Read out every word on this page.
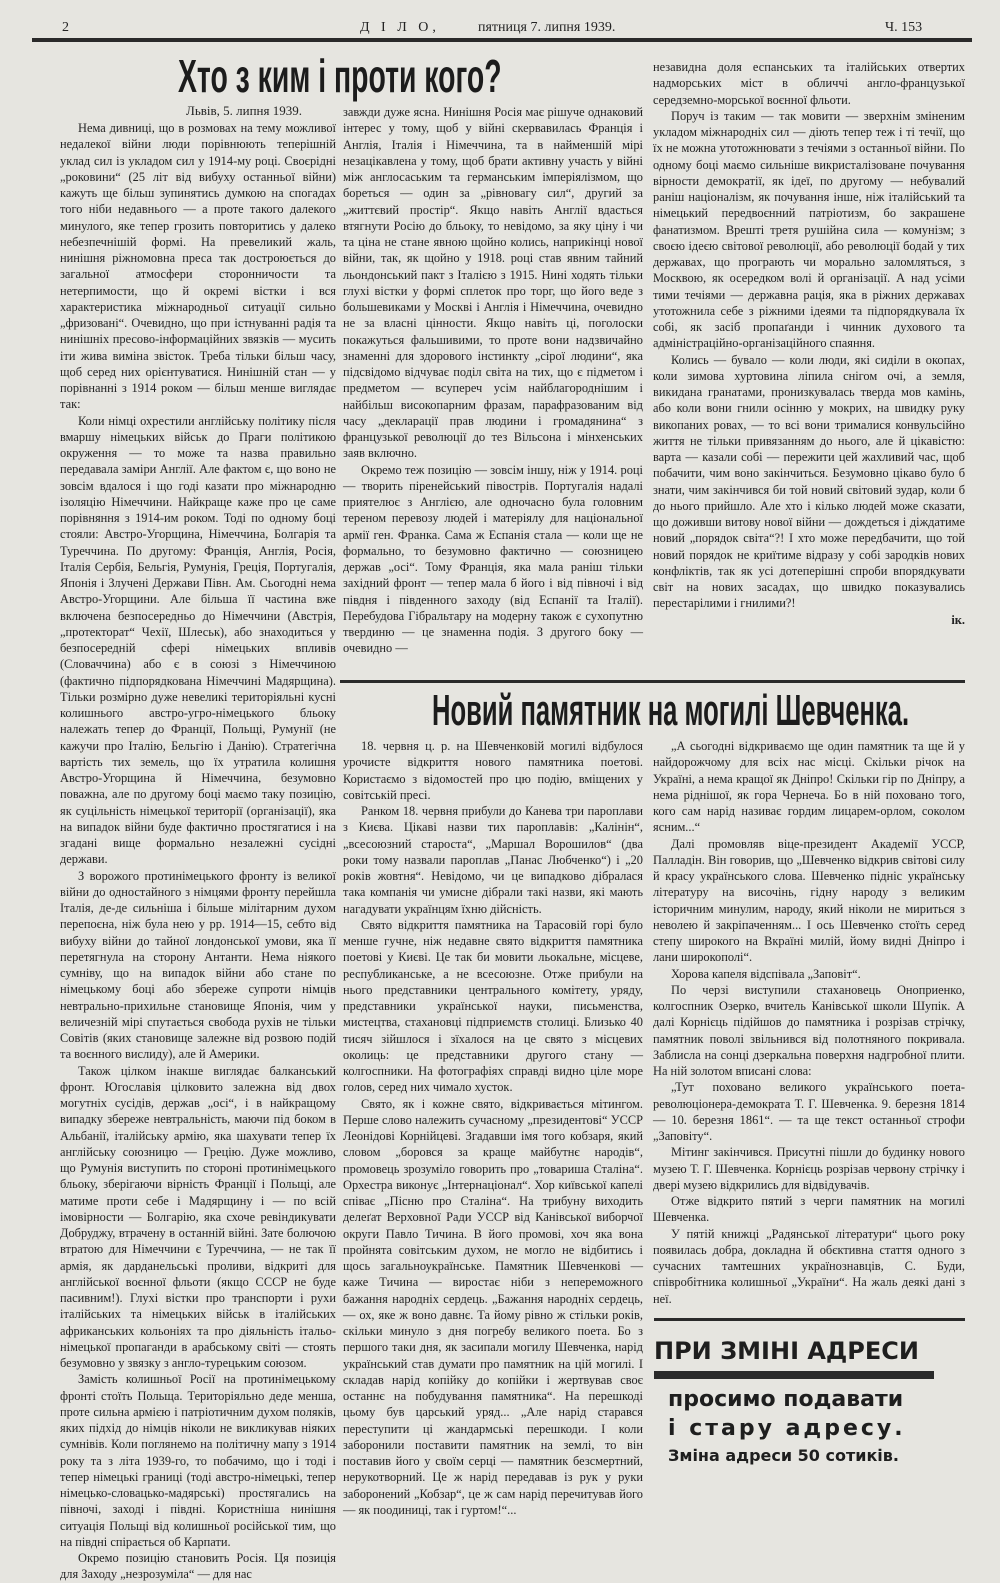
2	Д І Л О,	пятниця 7. липня 1939.	Ч. 153
Хто з ким і проти кого?
Львів, 5. липня 1939.

Нема дивниці, що в розмовах на тему можливої недалекої війни люди порівнюють теперішній уклад сил із укладом сил у 1914-му році. Своєрідні „роковини“ (25 літ від вибуху останньої війни) кажуть ще більш зупинятись думкою на спогадах того ніби недавнього — а проте такого далекого минулого, яке тепер грозить повторитись у далеко небезпечнішій формі. На превеликий жаль, нинішня ріжномовна преса так достроюється до загальної атмосфери сторонничости та нетерпимости, що й окремі вістки і вся характеристика міжнародньої ситуації сильно „фризовані“. Очевидно, що при істнуванні радія та нинішніх пресово-інформаційних звязків — мусить іти жива виміна звісток. Треба тільки більш часу, щоб серед них орієнтуватися. Нинішній стан — у порівнанні з 1914 роком — більш менше виглядає так:

Коли німці охрестили англійську політику після вмаршу німецьких військ до Праги політикою окруження — то може та назва правильно передавала заміри Англії. Але фактом є, що воно не зовсім вдалося і що годі казати про міжнародню ізоляцію Німеччини. Найкраще каже про це саме порівняння з 1914-им роком. Тоді по одному боці стояли: Австро-Угорщина, Німеччина, Болгарія та Туреччина. По другому: Франція, Англія, Росія, Італія Сербія, Бельгія, Румунія, Греція, Португалія, Японія і Злучені Держави Півн. Ам. Сьогодні нема Австро-Угорщини. Але більша її частина вже включена безпосередньо до Німеччини (Австрія, „протекторат“ Чехії, Шлеськ), або знаходиться у безпосередній сфері німецьких впливів (Словаччина) або є в союзі з Німеччиною (фактично підпорядкована Німеччині Мадярщина). Тільки розмірно дуже невеликі територіяльні кусні колишнього австро-угро-німецького бльоку належать тепер до Франції, Польщі, Румунії (не кажучи про Італію, Бельгію і Данію). Стратегічна вартість тих земель, що їх утратила колишня Австро-Угорщина й Німеччина, безумовно поважна, але по другому боці маємо таку позицію, як суцільність німецької території (організації), яка на випадок війни буде фактично простягатися і на згадані вище формально незалежні сусідні держави.

З ворожого протинімецького фронту із великої війни до одностайного з німцями фронту перейшла Італія, де-де сильніша і більше мілітарним духом перепоєна, ніж була нею у рр. 1914—15, себто від вибуху війни до тайної лондонської умови, яка її перетягнула на сторону Антанти. Нема ніякого сумніву, що на випадок війни або стане по німецькому боці або збереже супроти німців невтрально-прихильне становище Японія, чим у величезній мірі спутається свобода рухів не тільки Совітів (яких становище залежне від розвою подій та воєнного вислиду), але й Америки.

Також цілком інакше виглядає балканський фронт. Югославія цілковито залежна від двох могутніх сусідів, держав „осі“, і в найкращому випадку збереже невтральність, маючи під боком в Альбанії, італійську армію, яка шахувати тепер їх англійську союзницю — Грецію. Дуже можливо, що Румунія виступить по стороні протинімецького бльоку, зберігаючи вірність Франції і Польщі, але матиме проти себе і Мадярщину і — по всій імовірности — Болгарію, яка схоче ревіндикувати Добруджу, втрачену в останній війні. Зате болючою втратою для Німеччини є Туреччина, — не так її армія, як дарданельські проливи, відкриті для англійської воєнної фльоти (якщо СССР не буде пасивним!). Глухі вістки про транспорти і рухи італійських та німецьких військ в італійських африканських кольоніях та про діяльність італьо-німецької пропаганди в арабському світі — стоять безумовно у звязку з англо-турецьким союзом.

Замість колишньої Росії на протинімецькому фронті стоїть Польща. Територіяльно деде менша, проте сильна армією і патріотичним духом поляків, яких підхід до німців ніколи не викликував ніяких сумнівів. Коли поглянемо на політичну мапу з 1914 року та з літа 1939-го, то побачимо, що і тоді і тепер німецькі границі (тоді австро-німецькі, тепер німецько-словацько-мадярські) простягались на півночі, заході і півдні. Користніша нинішня ситуація Польщі від колишньої російської тим, що на півдні спірається об Карпати.

Окремо позицію становить Росія. Ця позиція для Заходу „незрозуміла“ — для нас

завжди дуже ясна. Нинішня Росія має рішуче однаковий інтерес у тому, щоб у війні скервавилась Франція і Англія, Італія і Німеччина, та в найменшій мірі незацікавлена у тому, щоб брати активну участь у війні між англосаським та германським імперіялізмом, що бореться — один за „рівновагу сил“, другий за „життєвий простір“. Якщо навіть Англії вдасться втягнути Росію до бльоку, то невідомо, за яку ціну і чи та ціна не стане явною щойно колись, наприкінці нової війни, так, як щойно у 1918. році став явним тайний льондонський пакт з Італією з 1915. Нині ходять тільки глухі вістки у формі сплеток про торг, що його веде з большевиками у Москві і Англія і Німеччина, очевидно не за власні цінности. Якщо навіть ці, поголоски покажуться фальшивими, то проте вони надзвичайно знаменні для здорового інстинкту „сірої людини“, яка підсвідомо відчуває поділ світа на тих, що є підметом і предметом — всупереч усім найблагороднішим і найбільш високопарним фразам, парафразованим від часу „декларації прав людини і громадянина“ з французької революції до тез Вільсона і мінхенських заяв включно.

Окремо теж позицію — зовсім іншу, ніж у 1914. році — творить піренейський півострів. Португалія надалі приятелює з Англією, але одночасно була головним тереном перевозу людей і матеріялу для національної армії ген. Франка. Сама ж Еспанія стала — коли ще не формально, то безумовно фактично — союзницею держав „осі“. Тому Франція, яка мала раніш тільки західний фронт — тепер мала б його і від півночі і від півдня і південного заходу (від Еспанії та Італії). Перебудова Гібральтару на модерну також є сухопутню твердиню — це знаменна подія. З другого боку — очевидно —

незавидна доля еспанських та італійських отвертих надморських міст в обличчі англо-французької середземно-морської воєнної фльоти.

Поруч із таким — так мовити — зверхнім зміненим укладом міжнародніх сил — діють тепер теж і ті течії, що їх не можна утотожнювати з течіями з останньої війни. По одному боці маємо сильніше викристалізоване почування вірности демократії, як ідеї, по другому — небувалий раніш націоналізм, як почування інше, ніж італійський та німецький передвоєнний патріотизм, бо закрашене фанатизмом. Врешті третя рушійна сила — комунізм; з своєю ідеєю світової революції, або революції бодай у тих державах, що програють чи морально заломляться, з Москвою, як осередком волі й організації. А над усіми тими течіями — державна рація, яка в ріжних державах утотожнила себе з ріжними ідеями та підпорядкувала їх собі, як засіб пропаґанди і чинник духового та адміністраційно-організаційного спаяння.

Колись — бувало — коли люди, які сиділи в окопах, коли зимова хуртовина ліпила снігом очі, а земля, викидана гранатами, пронизкувалась тверда мов камінь, або коли вони гнили осінню у мокрих, на швидку руку викопаних ровах, — то всі вони трималися конвульсійно життя не тільки привязанням до нього, але й цікавістю: варта — казали собі — пережити цей жахливий час, щоб побачити, чим воно закінчиться. Безумовно цікаво було б знати, чим закінчився би той новий світовий зудар, коли б до нього прийшло. Але хто і кілько людей може сказати, що доживши витову нової війни — дождеться і діждатиме новий „порядок світа“?! І хто може передбачити, що той новий порядок не криїтиме відразу у собі зародків нових конфліктів, так як усі дотеперішні спроби впорядкувати світ на нових засадах, що швидко показувались перестарілими і гнилими?!

ік.
Новий памятник на могилі Шевченка.

18. червня ц. р. на Шевченковій могилі відбулося урочисте відкриття нового памятника поетові. Користаємо з відомостей про цю подію, вміщених у совітській пресі.

Ранком 18. червня прибули до Канева три пароплави з Києва. Цікаві назви тих пароплавів: „Калінін“, „всесоюзний староста“, „Маршал Ворошилов“ (два роки тому назвали пароплав „Панас Любченко“) і „20 років жовтня“. Невідомо, чи це випадково дібралася така компанія чи умисне дібрали такі назви, які мають нагадувати українцям їхню дійсність.

Свято відкриття памятника на Тарасовій горі було менше гучне, ніж недавне свято відкриття памятника поетові у Києві. Це так би мовити льокальне, місцеве, республиканське, а не всесоюзне. Отже прибули на нього представники центрального комітету, уряду, представники української науки, письменства, мистецтва, стахановці підприємств столиці. Близько 40 тисяч зійшлося і зїхалося на це свято з місцевих околиць: це представники другого стану — колгоспники. На фотографіях справді видно ціле море голов, серед них чимало хусток.

Свято, як і кожне свято, відкривається мітингом. Перше слово належить сучасному „президентові“ УССР Леонідові Корнійцеві. Згадавши імя того кобзаря, який словом „боровся за краще майбутнє народів“, промовець зрозуміло говорить про „товариша Сталіна“. Орхестра виконує „Інтернаціонал“. Хор київської капелі співає „Пісню про Сталіна“. На трибуну виходить делеґат Верховної Ради УССР від Канівської виборчої округи Павло Тичина. В його промові, хоч яка вона пройнята совітським духом, не могло не відбитись і щось загальноукраїнське. Памятник Шевченкові — каже Тичина — виростає ніби з непереможного бажання народніх сердець. „Бажання народніх сердець, — ох, яке ж воно давнє. Та йому рівно ж стільки років, скільки минуло з дня погребу великого поета. Бо з першого таки дня, як засипали могилу Шевченка, нарід український став думати про памятник на цій могилі. І складав нарід копійку до копійки і жертвував своє останнє на побудування памятника“. На перешкоді цьому був царський уряд... „Але нарід старався переступити ці жандармські перешкоди. І коли заборонили поставити памятник на землі, то він поставив його у своїм серці — памятник безсмертний, нерукотворний. Це ж нарід передавав із рук у руки заборонений „Кобзар“, це ж сам нарід перечитував його — як поодиниці, так і гуртом!“...

„А сьогодні відкриваємо ще один памятник та ще й у найдорожчому для всіх нас місці. Скільки річок на Україні, а нема кращої як Дніпро! Скільки гір по Дніпру, а нема ріднішої, як гора Чернеча. Бо в ній поховано того, кого сам нарід називає гордим лицарем-орлом, соколом ясним...“

Далі промовляв віце-президент Академії УССР, Палладін. Він говорив, що „Шевченко відкрив світові силу й красу українського слова. Шевченко підніс українську літературу на височінь, гідну народу з великим історичним минулим, народу, який ніколи не мириться з неволею й закріпаченням... І ось Шевченко стоїть серед степу широкого на Вкраїні милій, йому видні Дніпро і лани широкополі“.

Хорова капеля відспівала „Заповіт“.

По черзі виступили стахановець Оноприенко, колгоспник Озерко, вчитель Канівської школи Шупік. А далі Корнієць підійшов до памятника і розрізав стрічку, памятник поволі звільнився від полотняного покривала. Заблисла на сонці дзеркальна поверхня надгробної плити. На ній золотом вписані слова:

„Тут поховано великого українського поета-революціонера-демократа Т. Г. Шевченка. 9. березня 1814 — 10. березня 1861“. — та ще текст останньої строфи „Заповіту“.

Мітинг закінчився. Присутні пішли до будинку нового музею Т. Г. Шевченка. Корнієць розрізав червону стрічку і двері музею відкрились для відвідувачів.

Отже відкрито пятий з черги памятник на могилі Шевченка.

У пятій книжці „Радянської літератури“ цього року появилась добра, докладна й обєктивна стаття одного з сучасних тамтешних українознавців, С. Буди, співробітника колишньої „України“. На жаль деякі дані з неї.

ПРИ ЗМІНІ АДРЕСИ
просимо подавати
і стару адресу.
Зміна адреси 50 сотиків.
